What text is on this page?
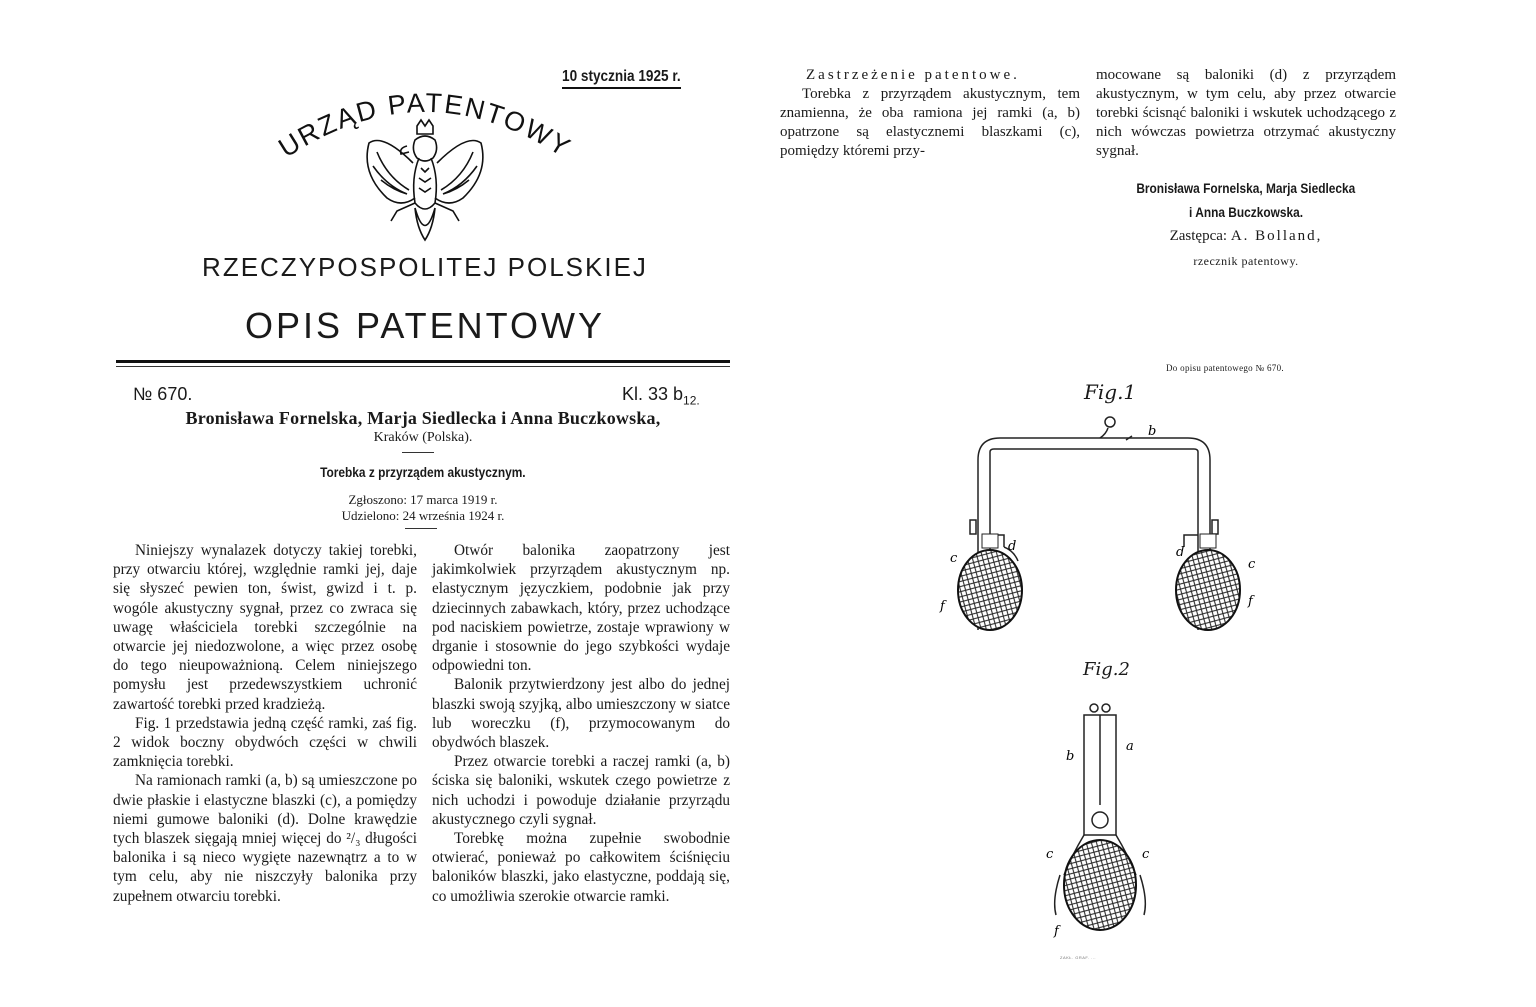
10 stycznia 1925 r.
URZĄD PATENTOWY
RZECZYPOSPOLITEJ POLSKIEJ
OPIS PATENTOWY
№ 670.	Kl. 33 $b_{12.}$
Bronisława Fornelska, Marja Siedlecka i Anna Buczkowska,
Kraków (Polska).
Torebka z przyrządem akustycznym.
Zgłoszono: 17 marca 1919 r.
Udzielono: 24 września 1924 r.

Niniejszy wynalazek dotyczy takiej torebki, przy otwarciu której, względnie ramki jej, daje się słyszeć pewien ton, świst, gwizd i t. p. wogóle akustyczny sygnał, przez co zwraca się uwagę właściciela torebki szczególnie na otwarcie jej niedozwolone, a więc przez osobę do tego nieupoważnioną. Celem niniejszego pomysłu jest przedewszystkiem uchronić zawartość torebki przed kradzieżą.

Fig. 1 przedstawia jedną część ramki, zaś fig. 2 widok boczny obydwóch części w chwili zamknięcia torebki.

Na ramionach ramki (a, b) są umieszczone po dwie płaskie i elastyczne blaszki (c), a pomiędzy niemi gumowe baloniki (d). Dolne krawędzie tych blaszek sięgają mniej więcej do ²/₃ długości balonika i są nieco wygięte nazewnątrz a to w tym celu, aby nie niszczyły balonika przy zupełnem otwarciu torebki.

Otwór balonika zaopatrzony jest jakimkolwiek przyrządem akustycznym np. elastycznym języczkiem, podobnie jak przy dziecinnych zabawkach, który, przez uchodzące pod naciskiem powietrze, zostaje wprawiony w drganie i stosownie do jego szybkości wydaje odpowiedni ton.

Balonik przytwierdzony jest albo do jednej blaszki swoją szyjką, albo umieszczony w siatce lub woreczku (f), przymocowanym do obydwóch blaszek.

Przez otwarcie torebki a raczej ramki (a, b) ściska się baloniki, wskutek czego powietrze z nich uchodzi i powoduje działanie przyrządu akustycznego czyli sygnał.

Torebkę można zupełnie swobodnie otwierać, ponieważ po całkowitem ściśnięciu baloników blaszki, jako elastyczne, poddają się, co umożliwia szerokie otwarcie ramki.

Zastrzeżenie patentowe.

Torebka z przyrządem akustycznym, tem znamienna, że oba ramiona jej ramki (a, b) opatrzone są elastycznemi blaszkami (c), pomiędzy któremi przy-

mocowane są baloniki (d) z przyrządem akustycznym, w tym celu, aby przez otwarcie torebki ścisnąć baloniki i wskutek uchodzącego z nich wówczas powietrza otrzymać akustyczny sygnał.

Bronisława Fornelska, Marja Siedlecka
i Anna Buczkowska.
Zastępca: A. Bolland,
rzecznik patentowy.
Do opisu patentowego № 670.
Fig.1
d
c
f
d
c
f
b
Fig.2
b
a
c	c
f
ZAKŁ. GRAF. ...
